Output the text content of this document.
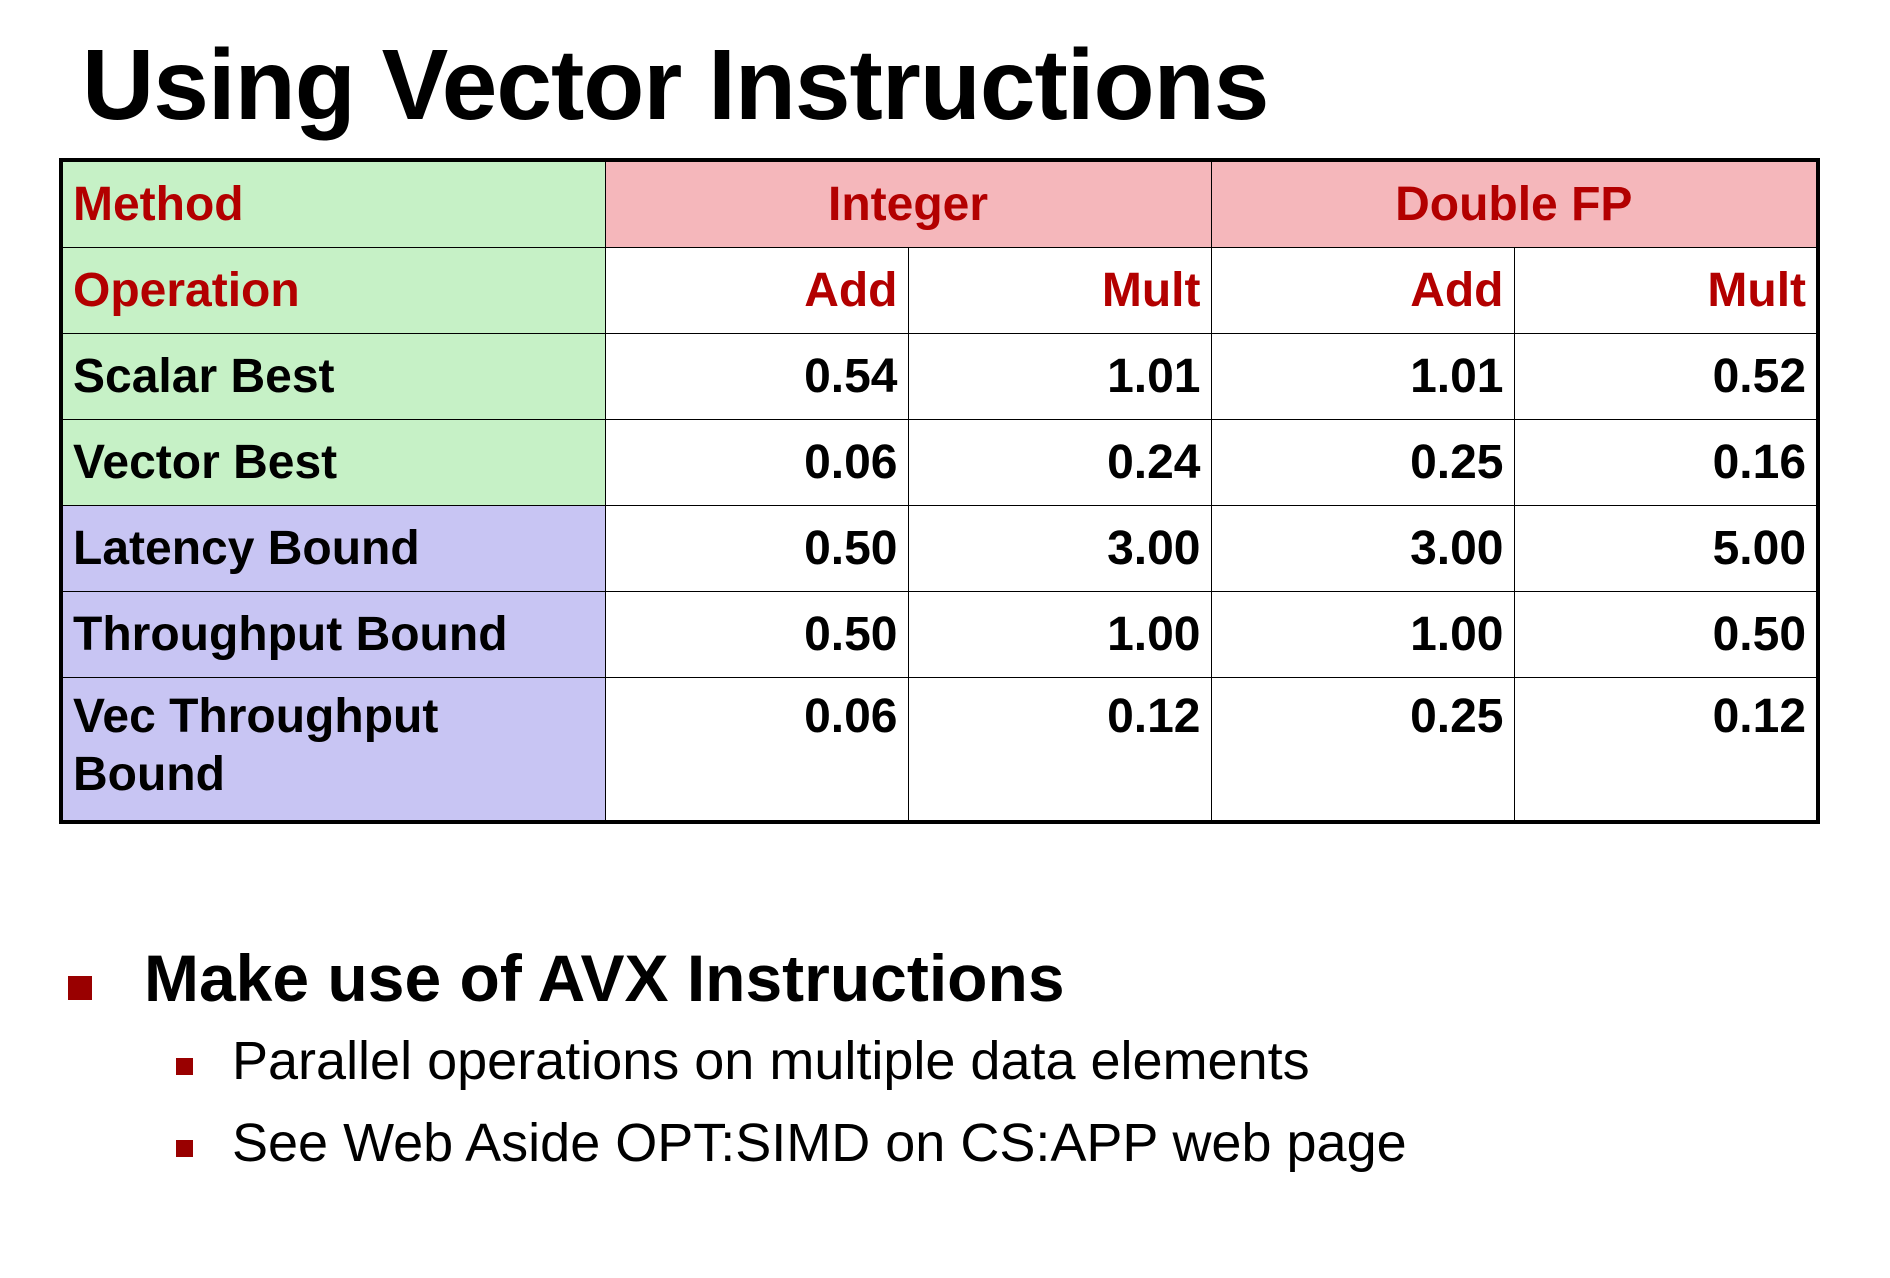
Using Vector Instructions
Method	Integer		Double FP	
Operation	Add	Mult	Add	Mult
Scalar Best	0.54	1.01	1.01	0.52
Vector Best	0.06	0.24	0.25	0.16
Latency Bound	0.50	3.00	3.00	5.00
Throughput Bound	0.50	1.00	1.00	0.50
Vec Throughput Bound	0.06	0.12	0.25	0.12
Make use of AVX Instructions
Parallel operations on multiple data elements
See Web Aside OPT:SIMD on CS:APP web page
